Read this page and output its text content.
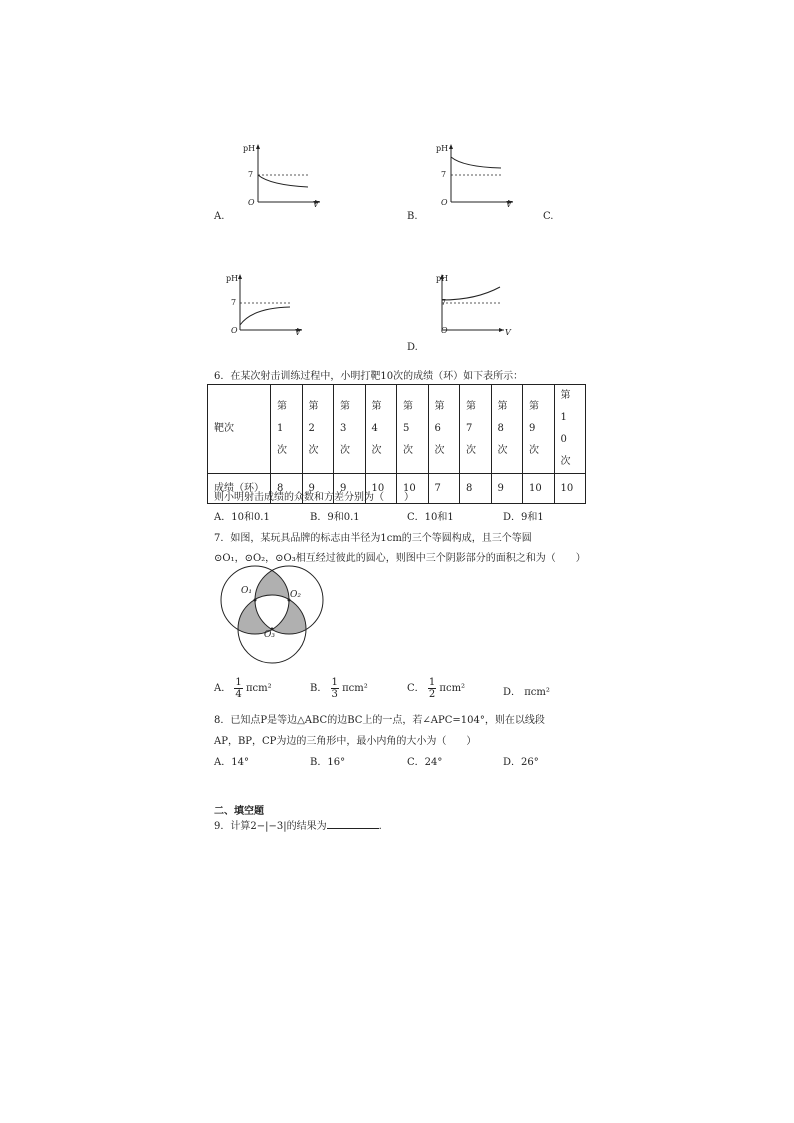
pH
7
O	V
A.
pH
7
O	V
B.	C.
pH
7
O	V
pH
7
O	V
D.
6．在某次射击训练过程中，小明打靶10次的成绩（环）如下表所示：
靶次	第1次	第2次	第3次	第4次	第5次	第6次	第7次	第8次	第9次	第10次

成绩（环）	8	9	9	10	10	7	8	9	10	10
则小明射击成绩的众数和方差分别为（　　）
A．10和0.1	B．9和0.1	C．10和1	D．9和1
7．如图，某玩具品牌的标志由半径为1cm的三个等圆构成，且三个等圆
⊙O₁，⊙O₂，⊙O₃相互经过彼此的圆心，则图中三个阴影部分的面积之和为（　　）
O₁	O₂
O₃
A． $\frac{1}{4} \pi cm^2$	B． $\frac{1}{3} \pi cm^2$	C． $\frac{1}{2} \pi cm^2$	D． πcm²
8．已知点P是等边△ABC的边BC上的一点，若∠APC=104°，则在以线段
AP，BP，CP为边的三角形中，最小内角的大小为（　　）
A．14°	B．16°	C．24°	D．26°
二、填空题
9．计算2−|−3|的结果为	.
